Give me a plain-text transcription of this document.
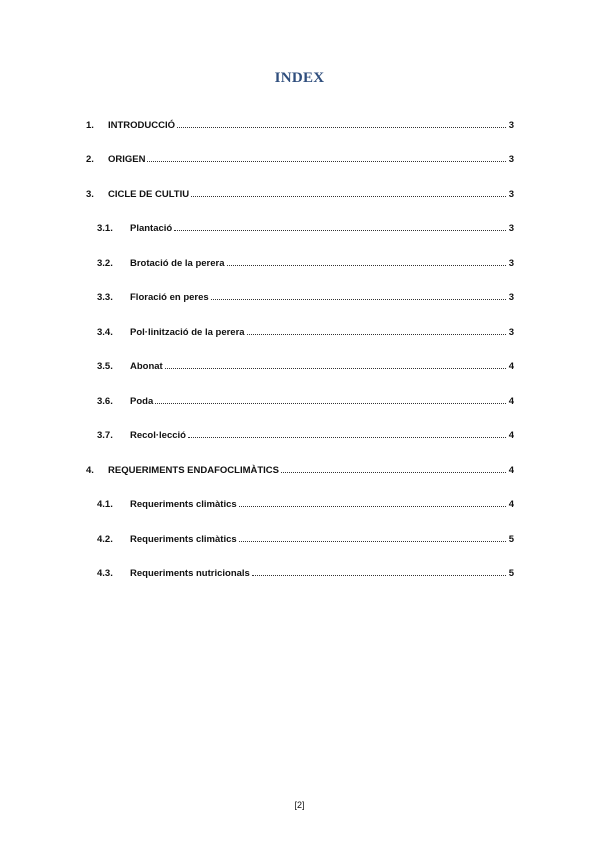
INDEX
1. INTRODUCCIÓ	3
2. ORIGEN	3
3. CICLE DE CULTIU	3
3.1. Plantació	3
3.2. Brotació de la perera	3
3.3. Floració en peres	3
3.4. Pol·linització de la perera	3
3.5. Abonat	4
3.6. Poda	4
3.7. Recol·lecció	4
4. REQUERIMENTS ENDAFOCLIMÀTICS	4
4.1. Requeriments climàtics	4
4.2. Requeriments climàtics	5
4.3. Requeriments nutricionals	5
[2]
